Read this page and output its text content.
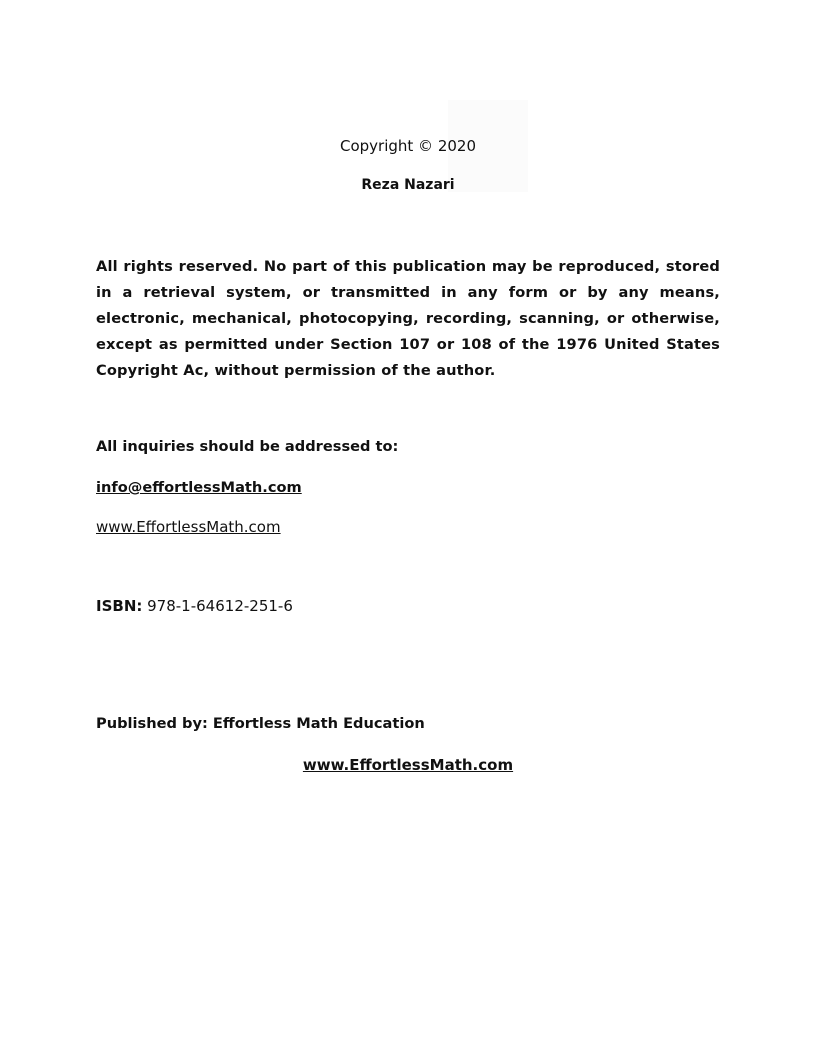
Copyright © 2020
Reza Nazari
All rights reserved. No part of this publication may be reproduced, stored in a retrieval system, or transmitted in any form or by any means, electronic, mechanical, photocopying, recording, scanning, or otherwise, except as permitted under Section 107 or 108 of the 1976 United States Copyright Ac, without permission of the author.
All inquiries should be addressed to:
info@effortlessMath.com
www.EffortlessMath.com
ISBN: 978-1-64612-251-6
Published by: Effortless Math Education
www.EffortlessMath.com
